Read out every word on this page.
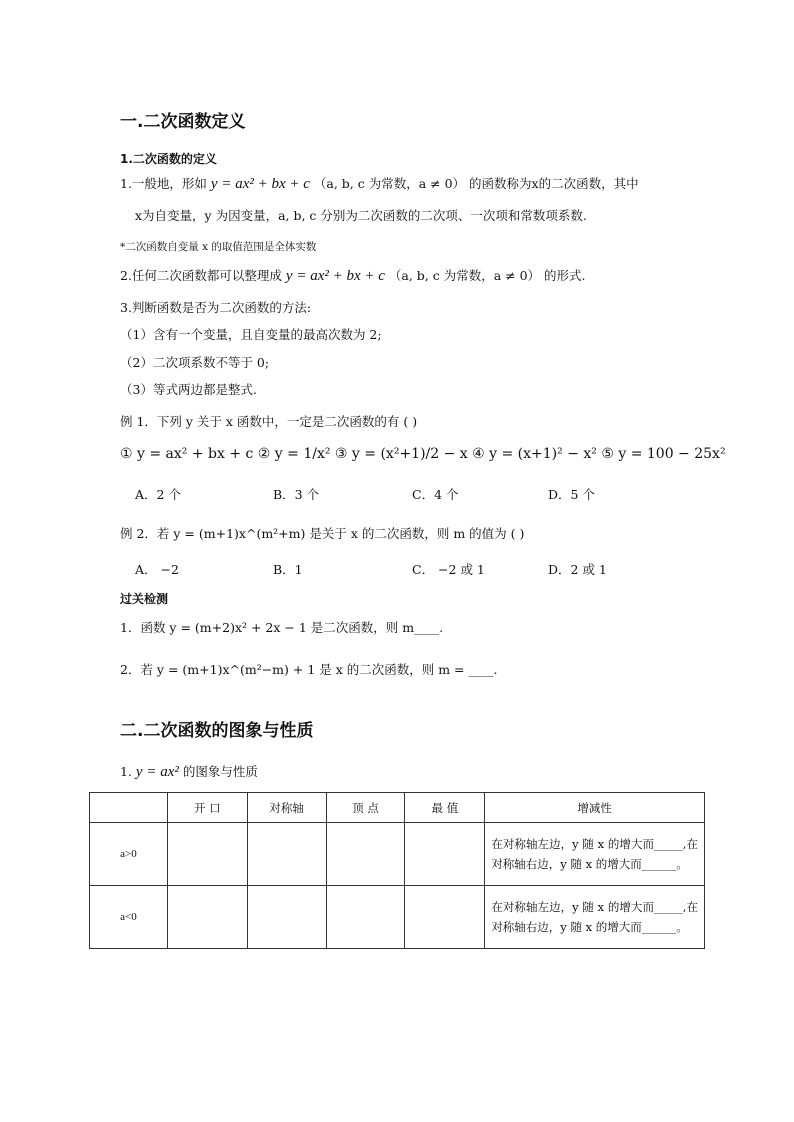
一.二次函数定义
1.二次函数的定义
1.一般地，形如 y = ax² + bx + c （a, b, c 为常数，a ≠ 0） 的函数称为x的二次函数，其中
x为自变量，y 为因变量，a, b, c 分别为二次函数的二次项、一次项和常数项系数.
*二次函数自变量 x 的取值范围是全体实数
2.任何二次函数都可以整理成 y = ax² + bx + c （a, b, c 为常数，a ≠ 0） 的形式.
3.判断函数是否为二次函数的方法:
（1）含有一个变量，且自变量的最高次数为 2;
（2）二次项系数不等于 0;
（3）等式两边都是整式.
例 1．下列 y 关于 x 函数中，一定是二次函数的有 ( )
① y = ax² + bx + c ② y = 1/x² ③ y = (x²+1)/2 − x ④ y = (x+1)² − x² ⑤ y = 100 − 25x²
A．2 个	B．3 个	C．4 个	D．5 个
例 2．若 y = (m+1)x^(m²+m) 是关于 x 的二次函数，则 m 的值为 ( )
A． −2	B．1	C． −2 或 1	D．2 或 1
过关检测
1．函数 y = (m+2)x² + 2x − 1 是二次函数，则 m____.
2．若 y = (m+1)x^(m²−m) + 1 是 x 的二次函数，则 m = ____.
二.二次函数的图象与性质
1. y = ax² 的图象与性质
	开 口	对称轴	顶 点	最 值	增减性
a>0					在对称轴左边，y 随 x 的增大而_____,在对称轴右边，y 随 x 的增大而______。
a<0					在对称轴左边，y 随 x 的增大而_____,在对称轴右边，y 随 x 的增大而______。
